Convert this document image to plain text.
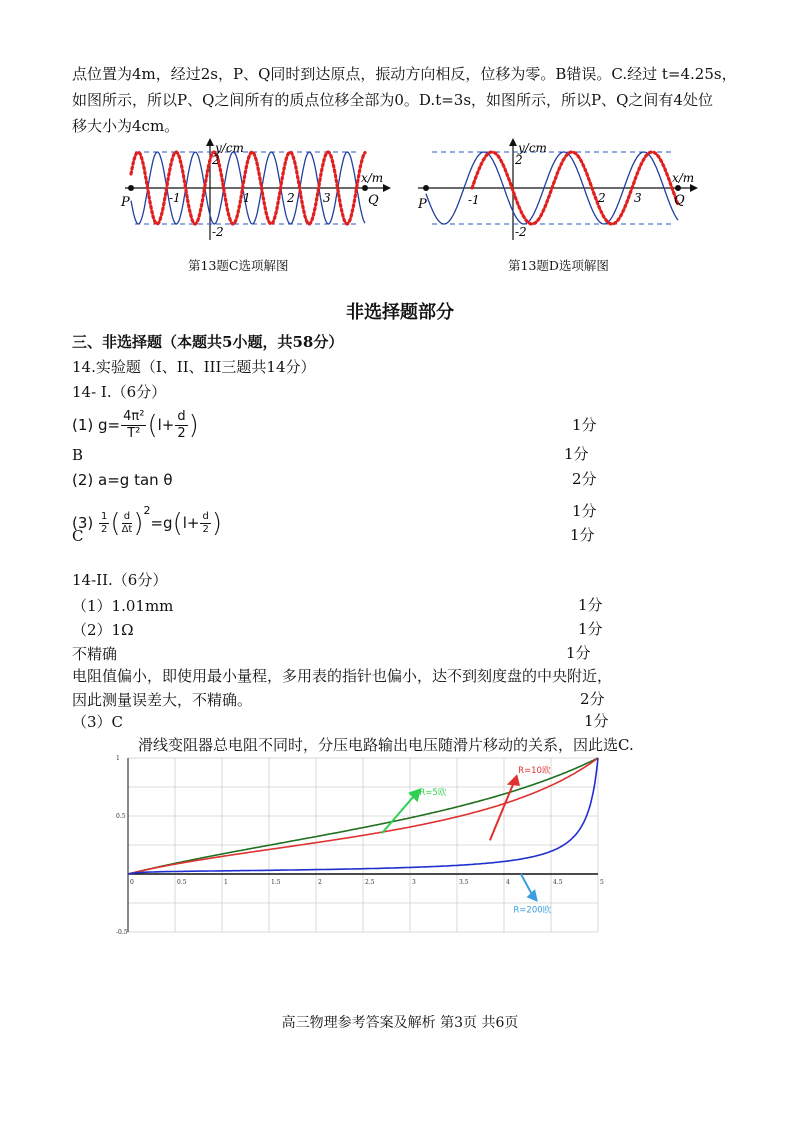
点位置为4m，经过2s，P、Q同时到达原点，振动方向相反，位移为零。B错误。C.经过 t=4.25s，
如图所示，所以P、Q之间所有的质点位移全部为0。D.t=3s，如图所示，所以P、Q之间有4处位
移大小为4cm。
y/cm
x/m
P	Q
-1	1	2 3
2
-2
第13题C选项解图
y/cm
x/m
P	Q
-1	2 3
2
-2
第13题D选项解图
非选择题部分
三、非选择题（本题共5小题，共58分）
14.实验题（I、II、III三题共14分）
14- I.（6分）
(1) $g= \frac{\text{4π²}}{\text{T²}} (l+ \frac{d}{2}$ )	1分
B	1分
(2) a=g tan θ	2分
$(3) \frac{1}{2}$ ( $\frac{d}{\Delta t} )^2=g(l+ \frac{d}{2}$ )	1分
C	1分
14-II.（6分）
（1）1.01mm	1分
（2）1Ω	1分
不精确	1分
电阻值偏小，即使用最小量程，多用表的指针也偏小，达不到刻度盘的中央附近，
因此测量误差大，不精确。	2分
（3）C	1分
滑线变阻器总电阻不同时，分压电路输出电压随滑片移动的关系，因此选C.
0	0.5	1	1.5	2	2.5	3	3.5	4	4.5	5
1
0.5
-0.5
R=5欧
R=10欧
R=200欧
高三物理参考答案及解析 第3页 共6页
